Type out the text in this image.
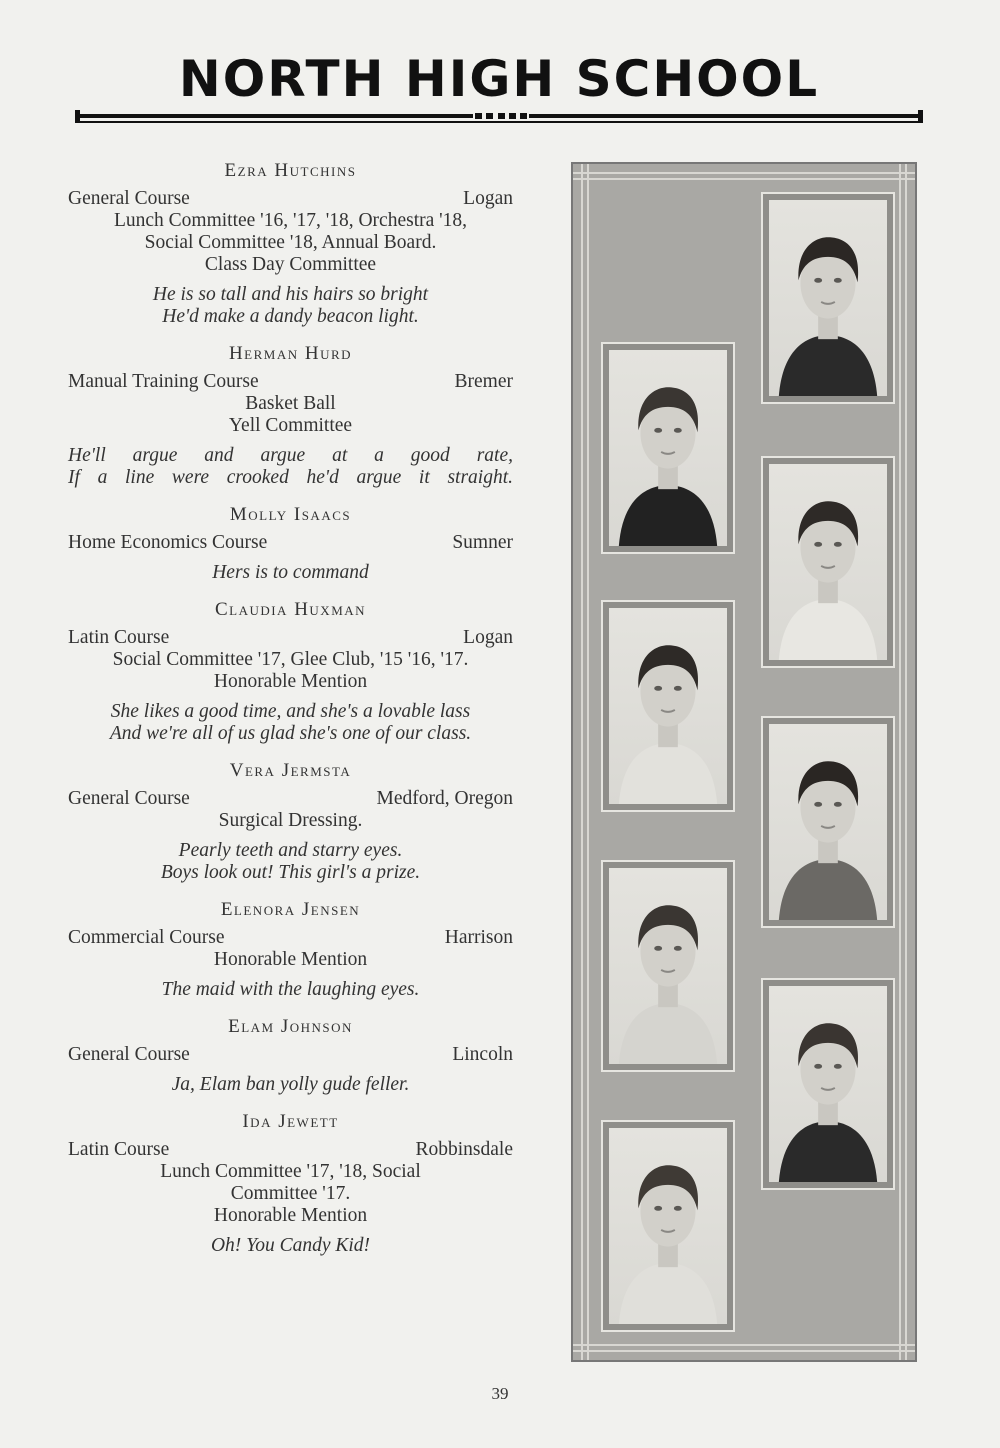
NORTH HIGH SCHOOL
Ezra Hutchins
General Course	Logan
Lunch Committee '16, '17, '18, Orchestra '18,
Social Committee '18, Annual Board.
Class Day Committee
He is so tall and his hairs so bright
He'd make a dandy beacon light.
Herman Hurd
Manual Training Course	Bremer
Basket Ball
Yell Committee
He'll argue and argue at a good rate,
If a line were crooked he'd argue it straight.
Molly Isaacs
Home Economics Course	Sumner
Hers is to command
Claudia Huxman
Latin Course	Logan
Social Committee '17, Glee Club, '15 '16, '17.
Honorable Mention
She likes a good time, and she's a lovable lass
And we're all of us glad she's one of our class.
Vera Jermsta
General Course	Medford, Oregon
Surgical Dressing.
Pearly teeth and starry eyes.
Boys look out! This girl's a prize.
Elenora Jensen
Commercial Course	Harrison
Honorable Mention
The maid with the laughing eyes.
Elam Johnson
General Course	Lincoln
Ja, Elam ban yolly gude feller.
Ida Jewett
Latin Course	Robbinsdale
Lunch Committee '17, '18, Social
Committee '17.
Honorable Mention
Oh! You Candy Kid!
39
